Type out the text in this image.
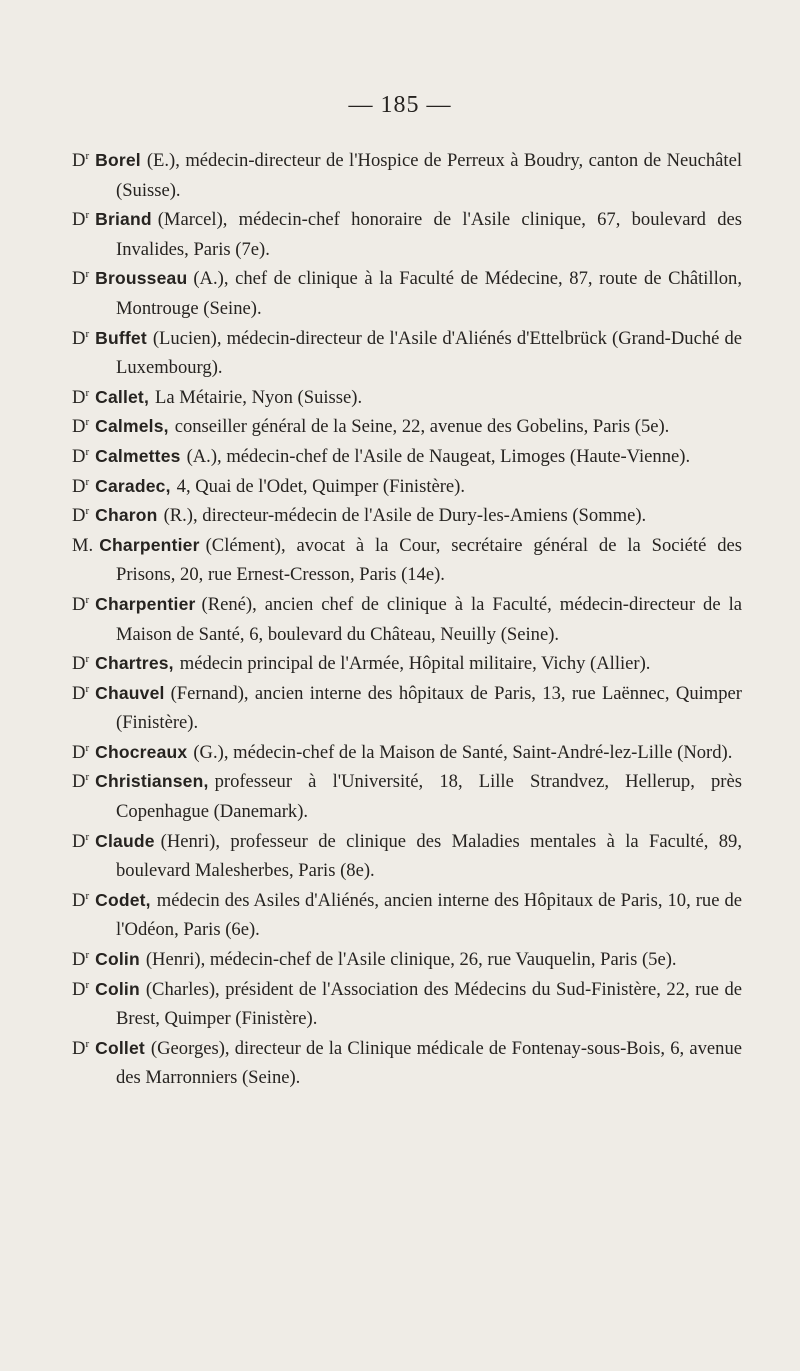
— 185 —
$D^r$ Borel (E.), médecin-directeur de l'Hospice de Perreux à Boudry, canton de Neuchâtel (Suisse).
$D^r$ Briand (Marcel), médecin-chef honoraire de l'Asile clinique, 67, boulevard des Invalides, Paris (7e).
$D^r$ Brousseau (A.), chef de clinique à la Faculté de Médecine, 87, route de Châtillon, Montrouge (Seine).
$D^r$ Buffet (Lucien), médecin-directeur de l'Asile d'Aliénés d'Ettelbrück (Grand-Duché de Luxembourg).
$D^r$ Callet, La Métairie, Nyon (Suisse).
$D^r$ Calmels, conseiller général de la Seine, 22, avenue des Gobelins, Paris (5e).
$D^r$ Calmettes (A.), médecin-chef de l'Asile de Naugeat, Limoges (Haute-Vienne).
$D^r$ Caradec, 4, Quai de l'Odet, Quimper (Finistère).
$D^r$ Charon (R.), directeur-médecin de l'Asile de Dury-les-Amiens (Somme).
M. Charpentier (Clément), avocat à la Cour, secrétaire général de la Société des Prisons, 20, rue Ernest-Cresson, Paris (14e).
$D^r$ Charpentier (René), ancien chef de clinique à la Faculté, médecin-directeur de la Maison de Santé, 6, boulevard du Château, Neuilly (Seine).
$D^r$ Chartres, médecin principal de l'Armée, Hôpital militaire, Vichy (Allier).
$D^r$ Chauvel (Fernand), ancien interne des hôpitaux de Paris, 13, rue Laënnec, Quimper (Finistère).
$D^r$ Chocreaux (G.), médecin-chef de la Maison de Santé, Saint-André-lez-Lille (Nord).
$D^r$ Christiansen, professeur à l'Université, 18, Lille Strandvez, Hellerup, près Copenhague (Danemark).
$D^r$ Claude (Henri), professeur de clinique des Maladies mentales à la Faculté, 89, boulevard Malesherbes, Paris (8e).
$D^r$ Codet, médecin des Asiles d'Aliénés, ancien interne des Hôpitaux de Paris, 10, rue de l'Odéon, Paris (6e).
$D^r$ Colin (Henri), médecin-chef de l'Asile clinique, 26, rue Vauquelin, Paris (5e).
$D^r$ Colin (Charles), président de l'Association des Médecins du Sud-Finistère, 22, rue de Brest, Quimper (Finistère).
$D^r$ Collet (Georges), directeur de la Clinique médicale de Fontenay-sous-Bois, 6, avenue des Marronniers (Seine).
